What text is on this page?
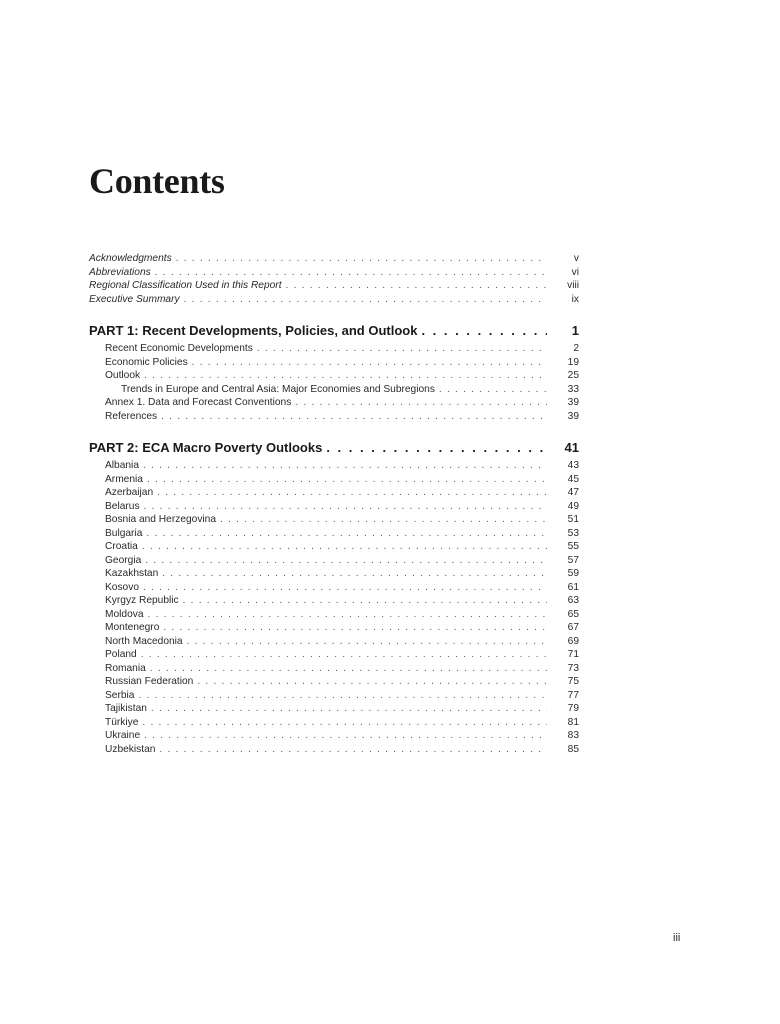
Contents
Acknowledgments . . .	v
Abbreviations . . .	vi
Regional Classification Used in this Report . . .	viii
Executive Summary . . .	ix
PART 1: Recent Developments, Policies, and Outlook . . .	1
Recent Economic Developments . . .	2
Economic Policies . . .	19
Outlook . . .	25
Trends in Europe and Central Asia: Major Economies and Subregions . . .	33
Annex 1. Data and Forecast Conventions . . .	39
References . . .	39
PART 2: ECA Macro Poverty Outlooks . . .	41
Albania . . .	43
Armenia . . .	45
Azerbaijan . . .	47
Belarus . . .	49
Bosnia and Herzegovina . . .	51
Bulgaria . . .	53
Croatia . . .	55
Georgia . . .	57
Kazakhstan . . .	59
Kosovo . . .	61
Kyrgyz Republic . . .	63
Moldova . . .	65
Montenegro . . .	67
North Macedonia . . .	69
Poland . . .	71
Romania . . .	73
Russian Federation . . .	75
Serbia . . .	77
Tajikistan . . .	79
Türkiye . . .	81
Ukraine . . .	83
Uzbekistan . . .	85
iii
